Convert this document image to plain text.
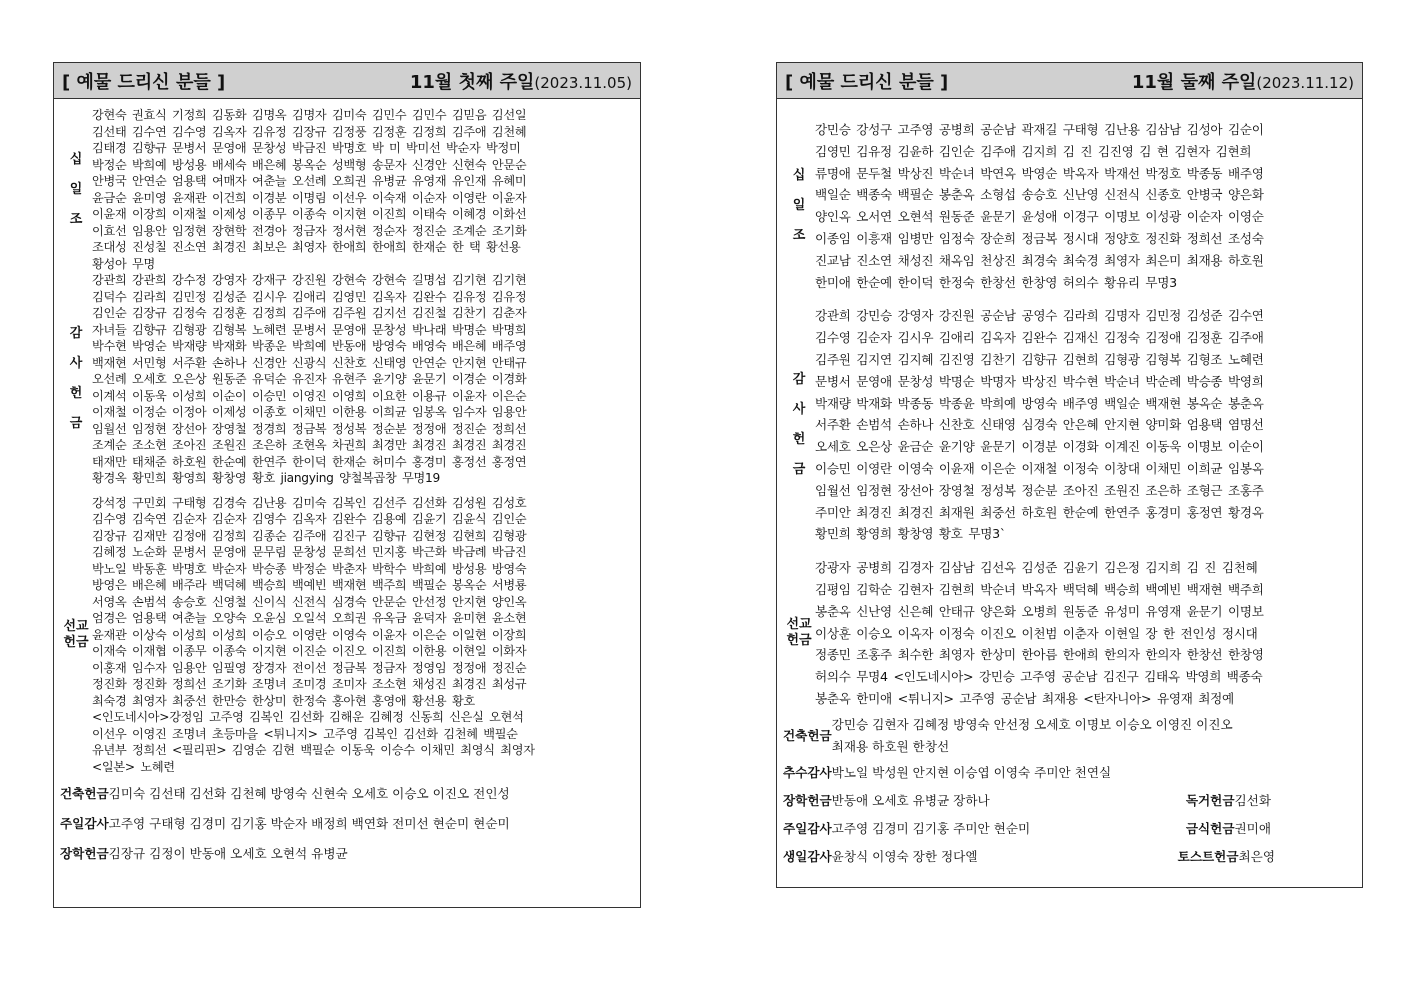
[ 예물 드리신 분들 ]	11월 첫째 주일 (2023.11.05)
십
일
조
강현숙 권효식 기정희 김동화 김명옥 김명자 김미숙 김민수 김민수 김믿음 김선일
김선태 김수연 김수영 김옥자 김유정 김장규 김정풍 김정훈 김정희 김주애 김천혜
김태경 김향규 문병서 문영애 문창성 박금진 박명호 박 미 박미선 박순자 박정미
박정순 박희예 방성용 배세숙 배은혜 봉옥순 성백형 송문자 신경안 신현숙 안문순
안병국 안연순 엄용택 여매자 여춘늘 오선례 오희권 유병균 유영재 유인재 유혜미
윤금순 윤미영 윤재관 이건희 이경분 이명림 이선우 이숙재 이순자 이영란 이윤자
이윤재 이장희 이재철 이제성 이종무 이종숙 이지현 이진희 이태숙 이혜경 이화선
이효선 임용안 임정현 장현학 전경아 정금자 정서현 정순자 정진순 조계순 조기화
조대성 진성칠 진소연 최경진 최보은 최영자 한애희 한애희 한재순 한 택 황선용
황성아 무명
감
사
헌
금
강관희 강관희 강수정 강영자 강재구 강진원 강현숙 강현숙 길명섭 김기현 김기현
김덕수 김라희 김민정 김성준 김시우 김애리 김영민 김옥자 김완수 김유정 김유정
김인순 김장규 김정숙 김정훈 김정희 김주애 김주원 김지선 김진철 김찬기 김춘자
자녀들 김향규 김형광 김형복 노혜련 문병서 문영애 문창성 박나래 박명순 박명희
박수현 박영순 박재량 박재화 박종운 박희예 반동애 방영숙 배영숙 배은혜 배주영
백재현 서민형 서주환 손하나 신경안 신광식 신찬호 신태영 안연순 안지현 안태규
오선례 오세호 오은상 원동준 유덕순 유진자 유현주 윤기양 윤문기 이경순 이경화
이계석 이동욱 이성희 이순이 이승민 이영진 이영희 이요한 이용규 이윤자 이은순
이재철 이정순 이정아 이제성 이종호 이채민 이한용 이희균 임봉옥 임수자 임용안
임월선 임정현 장선아 장영철 정경희 정금복 정성복 정순분 정정애 정진순 정희선
조계순 조소현 조아진 조원진 조은하 조현옥 차권희 최경만 최경진 최경진 최경진
태재만 태채준 하호원 한순예 한연주 한이덕 한재순 허미수 홍경미 홍정선 홍정연
황경옥 황민희 황영희 황창영 황호 jiangying 양철복곱창 무명19
선교
헌금
강석정 구민회 구태형 김경숙 김난용 김미숙 김복인 김선주 김선화 김성원 김성호
김수영 김숙연 김순자 김순자 김영수 김옥자 김완수 김용예 김윤기 김윤식 김인순
김장규 김재만 김정애 김정희 김종순 김주애 김진구 김향규 김현정 김현희 김형광
김혜정 노순화 문병서 문영애 문무림 문창성 문희선 민지홍 박근화 박금례 박금진
박노일 박동훈 박명호 박순자 박승종 박정순 박춘자 박학수 박희예 방성용 방영숙
방영은 배은혜 배주라 백덕혜 백승희 백예빈 백재현 백주희 백필순 봉옥순 서병룡
서영옥 손범석 송승호 신영철 신이식 신전식 심경숙 안문순 안선정 안지현 양인옥
엄경은 엄용택 여춘늘 오양숙 오윤심 오일석 오희권 유옥금 윤덕자 윤미현 윤소현
윤재관 이상숙 이성희 이성희 이승오 이영란 이영숙 이윤자 이은순 이일현 이장희
이재숙 이재협 이종무 이종숙 이지현 이진순 이진오 이진희 이한용 이현일 이화자
이홍재 임수자 임용안 임필영 장경자 전이선 정금복 정금자 정영임 정정애 정진순
정진화 정진화 정희선 조기화 조명녀 조미경 조미자 조소현 채성진 최경진 최성규
최숙경 최영자 최중선 한만승 한상미 한정숙 홍아현 홍영애 황선용 황호
<인도네시아>강정임 고주영 김복인 김선화 김해운 김혜정 신동희 신은실 오현석
이선우 이영진 조명녀 초등마을 <튀니지> 고주영 김복인 김선화 김천혜 백필순
유년부 정희선 <필리핀> 김영순 김현 백필순 이동욱 이승수 이채민 최영식 최영자
<일본> 노혜련
건축헌금 김미숙 김선태 김선화 김천혜 방영숙 신현숙 오세호 이승오 이진오 전인성
주일감사 고주영 구태형 김경미 김기홍 박순자 배정희 백연화 전미선 현순미 현순미
장학헌금 김장규 김정이 반동애 오세호 오현석 유병균
[ 예물 드리신 분들 ]	11월 둘째 주일 (2023.11.12)
십
일
조
강민승 강성구 고주영 공병희 공순남 곽재길 구태형 김난용 김삼남 김성아 김순이
김영민 김유정 김윤하 김인순 김주애 김지희 김 진 김진영 김 현 김현자 김현희
류명애 문두철 박상진 박순녀 박연옥 박영순 박옥자 박재선 박정호 박종동 배주영
백일순 백종숙 백필순 봉춘옥 소형섭 송승호 신난영 신전식 신종호 안병국 양은화
양인옥 오서연 오현석 원동준 윤문기 윤성애 이경구 이명보 이성광 이순자 이영순
이종임 이흥재 임병만 임정숙 장순희 정금복 정시대 정양호 정진화 정희선 조성숙
진교남 진소연 채성진 채옥임 천상진 최경숙 최숙경 최영자 최은미 최재용 하호원
한미애 한순예 한이덕 한정숙 한창선 한창영 허의수 황유리 무명3
감
사
헌
금
강관희 강민승 강영자 강진원 공순남 공영수 김라희 김명자 김민정 김성준 김수연
김수영 김순자 김시우 김애리 김옥자 김완수 김재신 김정숙 김정애 김정훈 김주애
김주원 김지연 김지혜 김진영 김찬기 김향규 김현희 김형광 김형복 김형조 노혜련
문병서 문영애 문창성 박명순 박명자 박상진 박수현 박순녀 박순례 박승종 박영희
박재량 박재화 박종동 박종윤 박희예 방영숙 배주영 백일순 백재현 봉옥순 봉춘옥
서주환 손범석 손하나 신찬호 신태영 심경숙 안은혜 안지현 양미화 엄용택 염명선
오세호 오은상 윤금순 윤기양 윤문기 이경분 이경화 이계진 이동욱 이명보 이순이
이승민 이영란 이영숙 이윤재 이은순 이재철 이정숙 이창대 이채민 이희균 임봉옥
임월선 임정현 장선아 장영철 정성복 정순분 조아진 조원진 조은하 조형근 조홍주
주미안 최경진 최경진 최재원 최중선 하호원 한순예 한연주 홍경미 홍정연 황경옥
황민희 황영희 황창영 황호 무명3`
선교
헌금
강광자 공병희 김경자 김삼남 김선옥 김성준 김윤기 김은정 김지희 김 진 김천혜
김평임 김학순 김현자 김현희 박순녀 박옥자 백덕혜 백승희 백예빈 백재현 백주희
봉춘옥 신난영 신은혜 안태규 양은화 오병희 원동준 유성미 유영재 윤문기 이명보
이상훈 이승오 이옥자 이정숙 이진오 이천범 이춘자 이현일 장 한 전인성 정시대
정종민 조홍주 최수한 최영자 한상미 한아름 한애희 한의자 한의자 한창선 한창영
허의수 무명4 <인도네시아> 강민승 고주영 공순남 김진구 김태옥 박영희 백종숙
봉춘옥 한미애 <튀니지> 고주영 공순남 최재용 <탄자니아> 유영재 최정예
건축헌금
강민승 김현자 김혜정 방영숙 안선정 오세호 이명보 이승오 이영진 이진오
최재용 하호원 한창선
추수감사 박노일 박성원 안지현 이승엽 이영숙 주미안 천연실
장학헌금반동애 오세호 유병균 장하나	독거헌금김선화
주일감사고주영 김경미 김기홍 주미안 현순미	금식헌금권미애
생일감사윤창식 이영숙 장한 정다엘	토스트헌금최은영
